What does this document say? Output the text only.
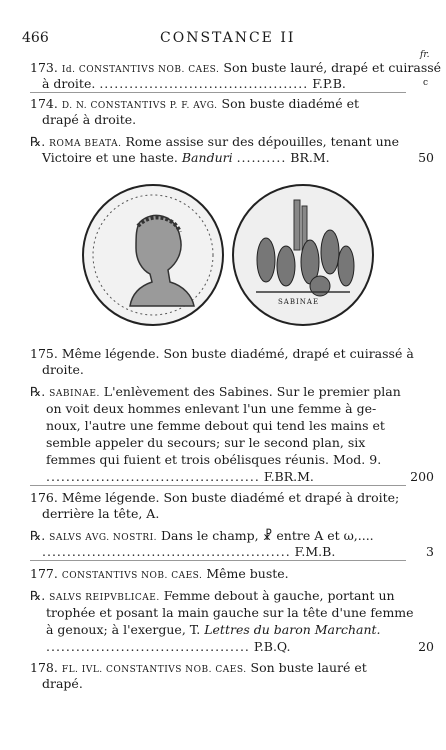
466	CONSTANCE II
fr.
c
173. Id. CONSTANTIVS NOB. CAES. Son buste lauré, drapé et cuirassé
à droite. .......................................... F.P.B.
174. D. N. CONSTANTIVS P. F. AVG. Son buste diadémé et
drapé à droite.
℞. ROMA BEATA. Rome assise sur des dépouilles, tenant une
Victoire et une haste. Banduri .......... BR.M.	50
SABINAE
175. Même légende. Son buste diadémé, drapé et cuirassé à
droite.
℞. SABINAE. L'enlèvement des Sabines. Sur le premier plan
on voit deux hommes enlevant l'un une femme à ge-
noux, l'autre une femme debout qui tend les mains et
semble appeler du secours; sur le second plan, six
femmes qui fuient et trois obélisques réunis. Mod. 9.
........................................... F.BR.M.	200
176. Même légende. Son buste diadémé et drapé à droite;
derrière la tête, A.
℞. SALVS AVG. NOSTRI. Dans le champ, ☧ entre A et ω,....
.................................................. F.M.B.	3
177. CONSTANTIVS NOB. CAES. Même buste.
℞. SALVS REIPVBLICAE. Femme debout à gauche, portant un
trophée et posant la main gauche sur la tête d'une femme
à genoux; à l'exergue, T. Lettres du baron Marchant.
......................................... P.B.Q.	20
178. FL. IVL. CONSTANTIVS NOB. CAES. Son buste lauré et
drapé.
